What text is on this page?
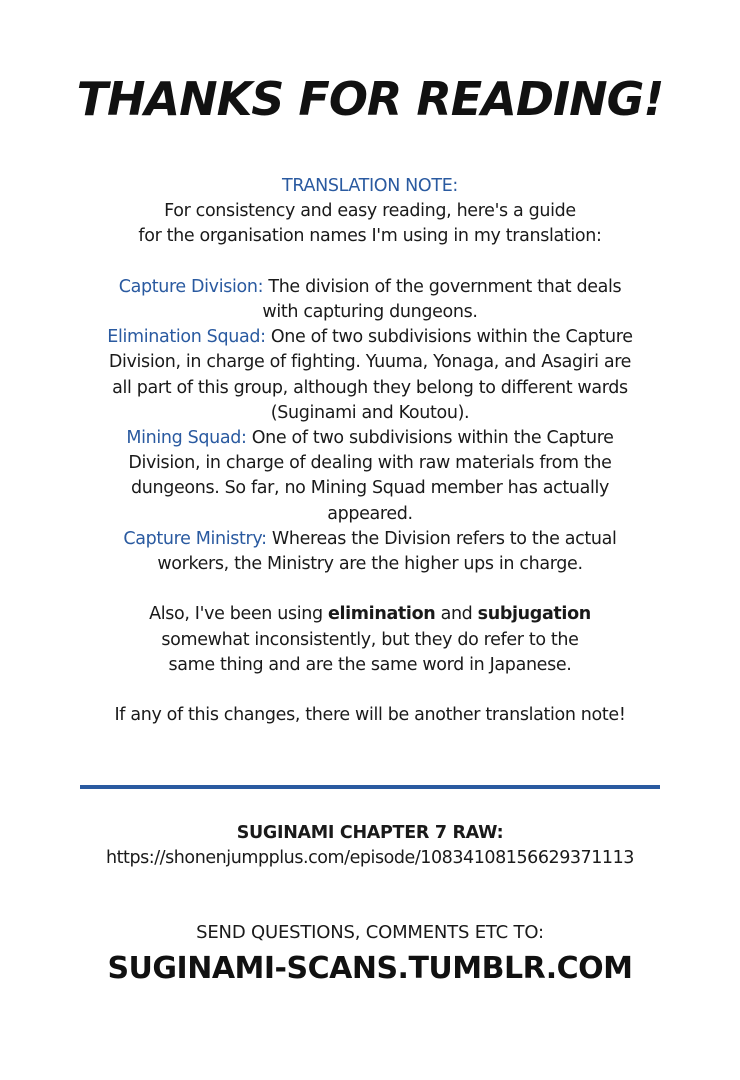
THANKS FOR READING!

TRANSLATION NOTE:

For consistency and easy reading, here's a guide

for the organisation names I'm using in my translation:

Capture Division: The division of the government that deals

with capturing dungeons.

Elimination Squad: One of two subdivisions within the Capture

Division, in charge of fighting. Yuuma, Yonaga, and Asagiri are

all part of this group, although they belong to different wards

(Suginami and Koutou).

Mining Squad: One of two subdivisions within the Capture

Division, in charge of dealing with raw materials from the

dungeons. So far, no Mining Squad member has actually

appeared.

Capture Ministry: Whereas the Division refers to the actual

workers, the Ministry are the higher ups in charge.

Also, I've been using elimination and subjugation

somewhat inconsistently, but they do refer to the

same thing and are the same word in Japanese.

If any of this changes, there will be another translation note!

SUGINAMI CHAPTER 7 RAW:
https://shonenjumpplus.com/episode/10834108156629371113
SEND QUESTIONS, COMMENTS ETC TO:
SUGINAMI-SCANS.TUMBLR.COM
